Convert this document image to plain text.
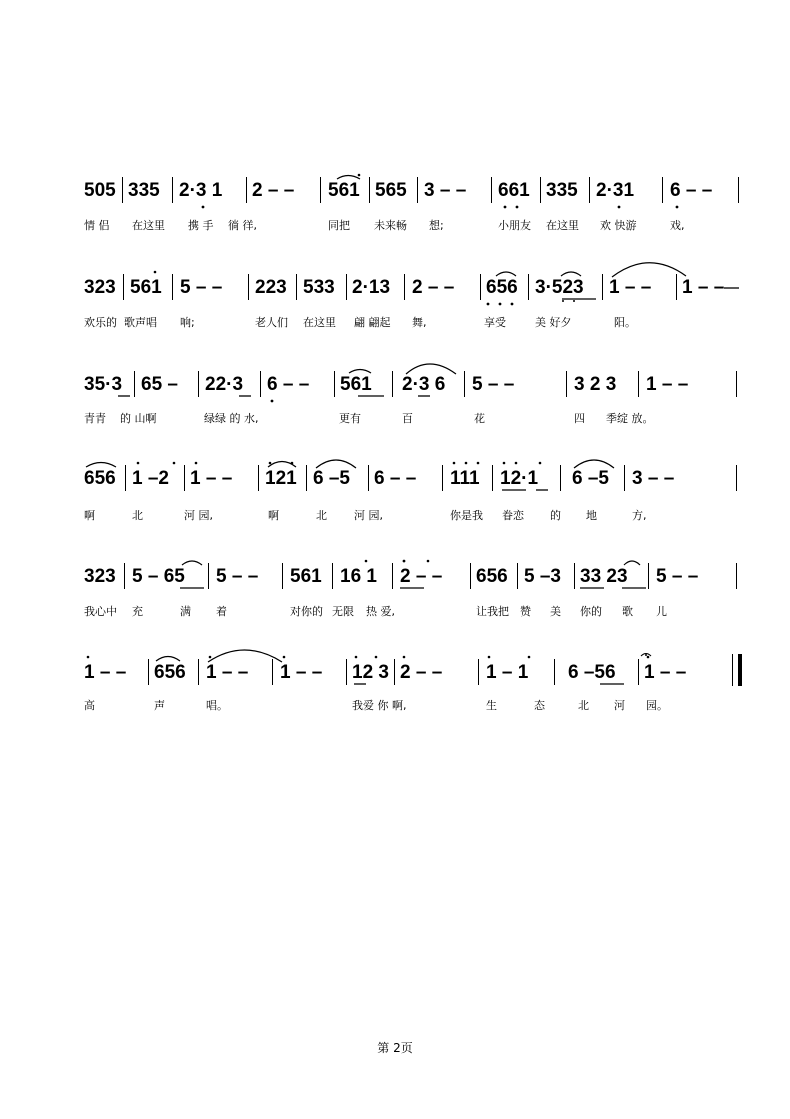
505 335 2·3 1 2 – – 561 565 3 – – 661 335 2·31 6 – –
情 侣 在这里 携 手 徜 徉,	同把 未来畅 想;	小朋友 在这里 欢 快游	戏,
323 561 5 – – 223 533 2·13 2 – – 656 3·523 1 – – 1 – –
欢乐的 歌声唱 响;	老人们 在这里 翩 翩起 舞,	享受	美 好夕	阳。
35·3 65 – 22·3 6 – – 561 2·3 6 5 – –	3 2 3 1 – –
青青 的 山啊	绿绿 的 水,	更有	百	花	四 季绽 放。
656 1 –2 1 – – 121 6 –5 6 – – 111 12·1 6 –5 3 – –
啊	北	河 园,	啊	北 河 园,	你是我 眷恋 的 地	方,
323 5 – 65 5 – – 561 16 1 2 – – 656 5 –3 33 23 5 – –
我心中 充	满 着	对你的 无限 热 爱,	让我把 赞 美 你的 歌 儿
1 – – 656 1 – – 1 – – 12 3 2 – – 1 – 1 6 –56 1 – –
高	声	唱。	我爱 你 啊,	生	态	北 河 园。
第 2页
